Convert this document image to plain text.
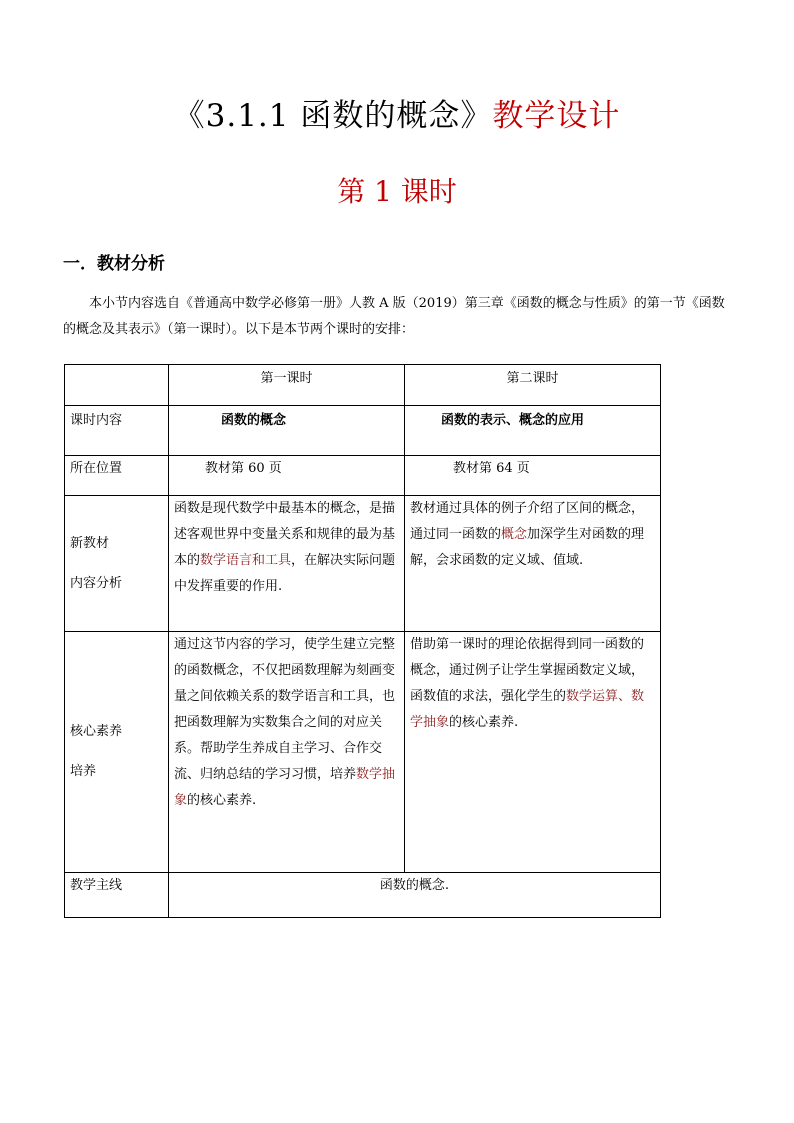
《3.1.1 函数的概念》教学设计
第 1 课时
一．教材分析
本小节内容选自《普通高中数学必修第一册》人教 A 版（2019）第三章《函数的概念与性质》的第一节《函数的概念及其表示》（第一课时）。以下是本节两个课时的安排：
	第一课时	第二课时
课时内容	函数的概念	函数的表示、概念的应用
所在位置	教材第 60 页	教材第 64 页
新教材
内容分析	函数是现代数学中最基本的概念，是描述客观世界中变量关系和规律的最为基本的数学语言和工具，在解决实际问题中发挥重要的作用.	教材通过具体的例子介绍了区间的概念，通过同一函数的概念加深学生对函数的理解，会求函数的定义域、值域.
核心素养
培养	通过这节内容的学习，使学生建立完整的函数概念，不仅把函数理解为刻画变量之间依赖关系的数学语言和工具，也把函数理解为实数集合之间的对应关系。帮助学生养成自主学习、合作交流、归纳总结的学习习惯，培养数学抽象的核心素养.	借助第一课时的理论依据得到同一函数的概念，通过例子让学生掌握函数定义域，函数值的求法，强化学生的数学运算、数学抽象的核心素养.
教学主线	函数的概念.	
